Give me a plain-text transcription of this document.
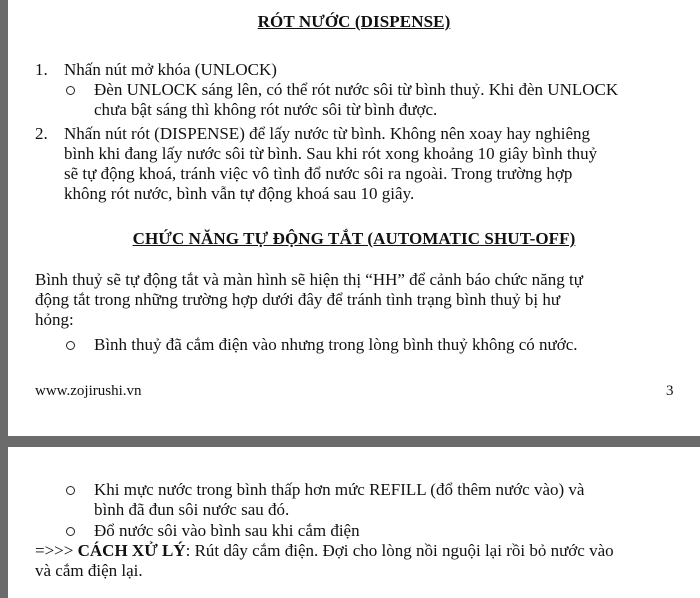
RÓT NƯỚC (DISPENSE)
1. Nhấn nút mở khóa (UNLOCK)
Đèn UNLOCK sáng lên, có thể rót nước sôi từ bình thuỷ. Khi đèn UNLOCK
chưa bật sáng thì không rót nước sôi từ bình được.
2. Nhấn nút rót (DISPENSE) để lấy nước từ bình. Không nên xoay hay nghiêng
bình khi đang lấy nước sôi từ bình. Sau khi rót xong khoảng 10 giây bình thuỷ
sẽ tự động khoá, tránh việc vô tình đổ nước sôi ra ngoài. Trong trường hợp
không rót nước, bình vẫn tự động khoá sau 10 giây.
CHỨC NĂNG TỰ ĐỘNG TẮT (AUTOMATIC SHUT-OFF)
Bình thuỷ sẽ tự động tắt và màn hình sẽ hiện thị “HH” để cảnh báo chức năng tự
động tắt trong những trường hợp dưới đây để tránh tình trạng bình thuỷ bị hư
hỏng:
Bình thuỷ đã cắm điện vào nhưng trong lòng bình thuỷ không có nước.
www.zojirushi.vn	3
Khi mực nước trong bình thấp hơn mức REFILL (đổ thêm nước vào) và
bình đã đun sôi nước sau đó.
Đổ nước sôi vào bình sau khi cắm điện
=>>> CÁCH XỬ LÝ: Rút dây cắm điện. Đợi cho lòng nồi nguội lại rồi bỏ nước vào
và cắm điện lại.
